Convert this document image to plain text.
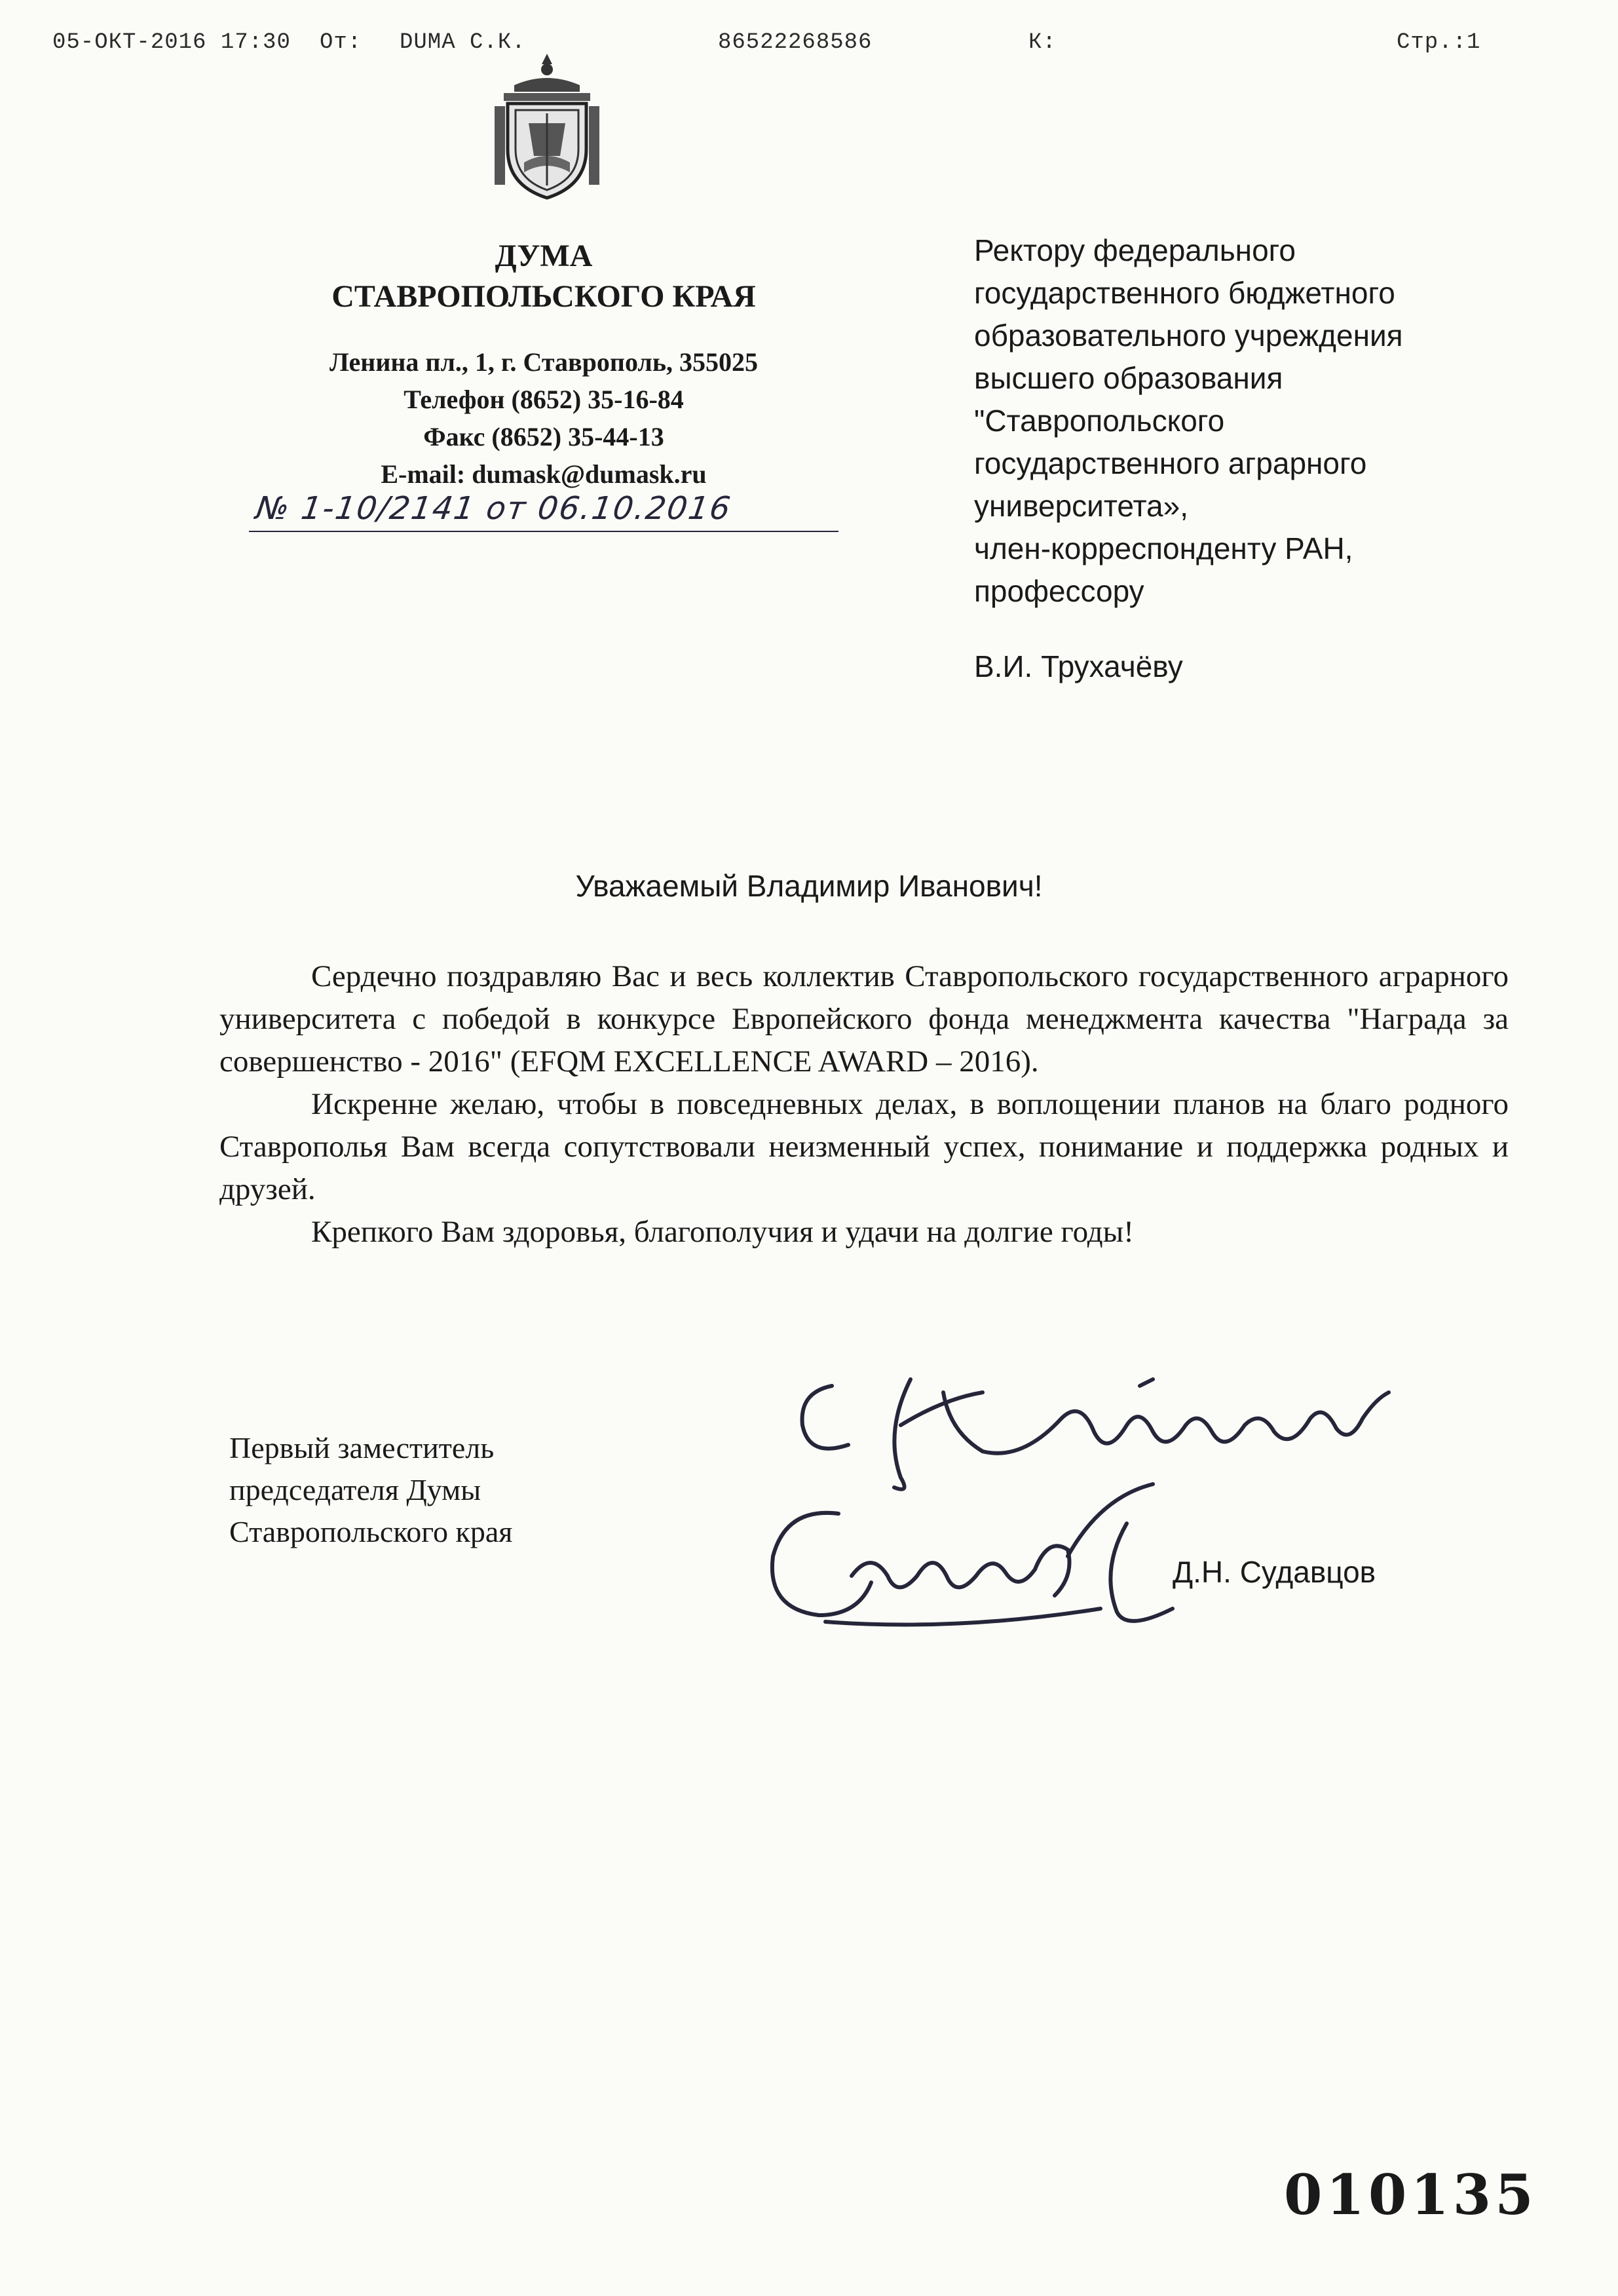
05-ОКТ-2016 17:30 От: DUMA С.К.	86522268586	К:	Стр.:1
ДУМА
СТАВРОПОЛЬСКОГО КРАЯ
Ленина пл., 1, г. Ставрополь, 355025
Телефон (8652) 35-16-84
Факс (8652) 35-44-13
E-mail: dumask@dumask.ru
№ 1-10/2141 от 06.10.2016
Ректору федерального
государственного бюджетного
образовательного учреждения
высшего образования
"Ставропольского
государственного аграрного
университета»,
член-корреспонденту РАН,
профессору
В.И. Трухачёву
Уважаемый Владимир Иванович!

Сердечно поздравляю Вас и весь коллектив Ставропольского государственного аграрного университета с победой в конкурсе Европейского фонда менеджмента качества "Награда за совершенство - 2016" (EFQM EXCELLENCE AWARD – 2016).

Искренне желаю, чтобы в повседневных делах, в воплощении планов на благо родного Ставрополья Вам всегда сопутствовали неизменный успех, понимание и поддержка родных и друзей.

Крепкого Вам здоровья, благополучия и удачи на долгие годы!

Первый заместитель
председателя Думы
Ставропольского края
Д.Н. Судавцов
010135
